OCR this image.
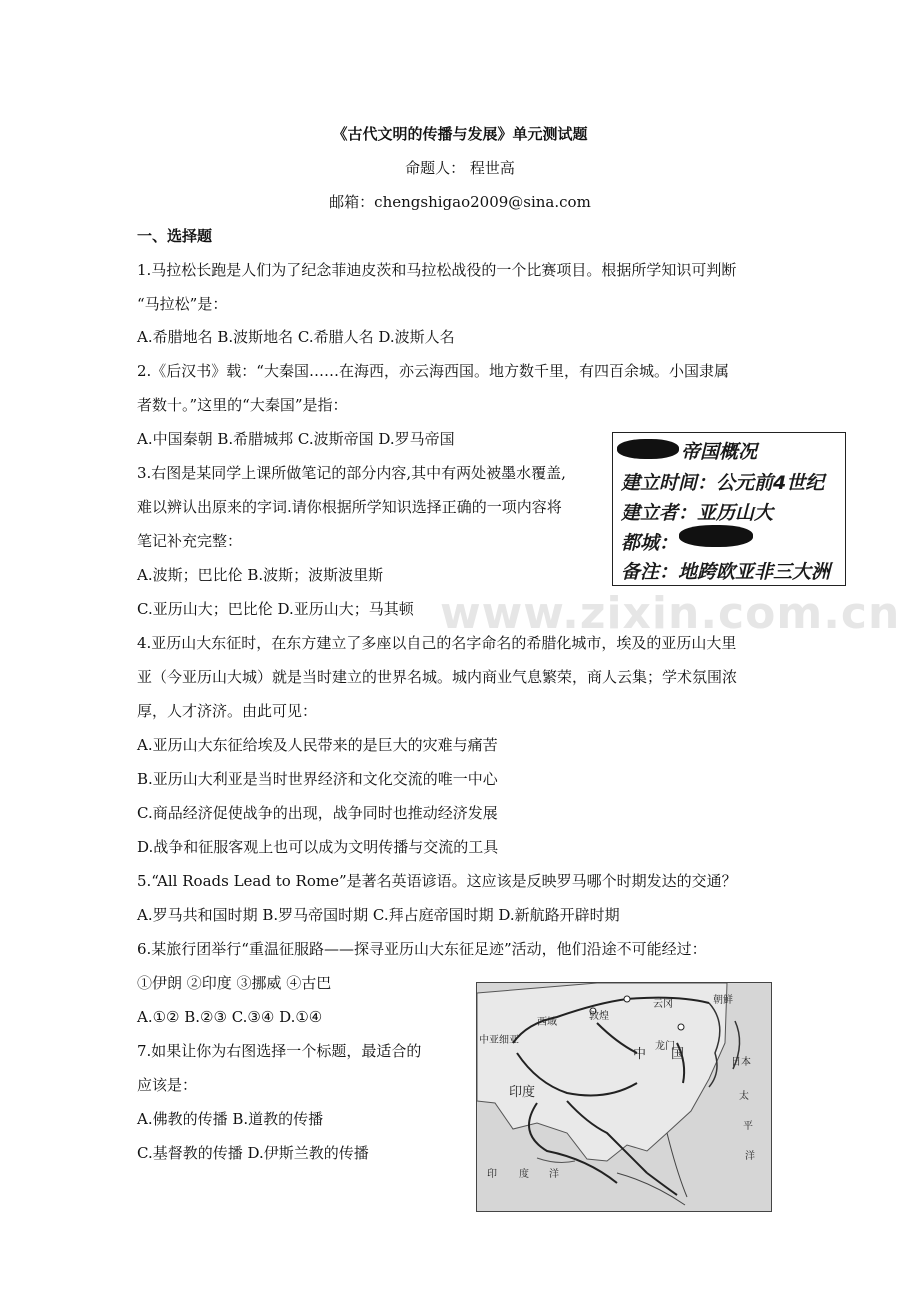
《古代文明的传播与发展》单元测试题
命题人： 程世高
邮箱：chengshigao2009@sina.com
www.zixin.com.cn
一、选择题
1.马拉松长跑是人们为了纪念菲迪皮茨和马拉松战役的一个比赛项目。根据所学知识可判断
“马拉松”是：
A.希腊地名 B.波斯地名 C.希腊人名 D.波斯人名
2.《后汉书》载：“大秦国……在海西，亦云海西国。地方数千里，有四百余城。小国隶属
者数十。”这里的“大秦国”是指：
A.中国秦朝 B.希腊城邦 C.波斯帝国 D.罗马帝国
3.右图是某同学上课所做笔记的部分内容,其中有两处被墨水覆盖,
难以辨认出原来的字词.请你根据所学知识选择正确的一项内容将
笔记补充完整：
A.波斯；巴比伦 B.波斯；波斯波里斯
C.亚历山大；巴比伦 D.亚历山大；马其顿
4.亚历山大东征时，在东方建立了多座以自己的名字命名的希腊化城市，埃及的亚历山大里
亚（今亚历山大城）就是当时建立的世界名城。城内商业气息繁荣，商人云集；学术氛围浓
厚，人才济济。由此可见：
A.亚历山大东征给埃及人民带来的是巨大的灾难与痛苦
B.亚历山大利亚是当时世界经济和文化交流的唯一中心
C.商品经济促使战争的出现，战争同时也推动经济发展
D.战争和征服客观上也可以成为文明传播与交流的工具
5.“All Roads Lead to Rome”是著名英语谚语。这应该是反映罗马哪个时期发达的交通？
A.罗马共和国时期 B.罗马帝国时期 C.拜占庭帝国时期 D.新航路开辟时期
6.某旅行团举行“重温征服路——探寻亚历山大东征足迹”活动，他们沿途不可能经过：
①伊朗 ②印度 ③挪威 ④古巴
A.①② B.②③ C.③④ D.①④
7.如果让你为右图选择一个标题，最适合的
应该是：
A.佛教的传播 B.道教的传播
C.基督教的传播 D.伊斯兰教的传播
帝国概况
建立时间：公元前4世纪
建立者：亚历山大
都城：
备注：地跨欧亚非三大洲
西域
敦煌
云冈	朝鲜
中亚细亚
龙门
中 国
日本
印度	太
平
洋
印 度 洋
